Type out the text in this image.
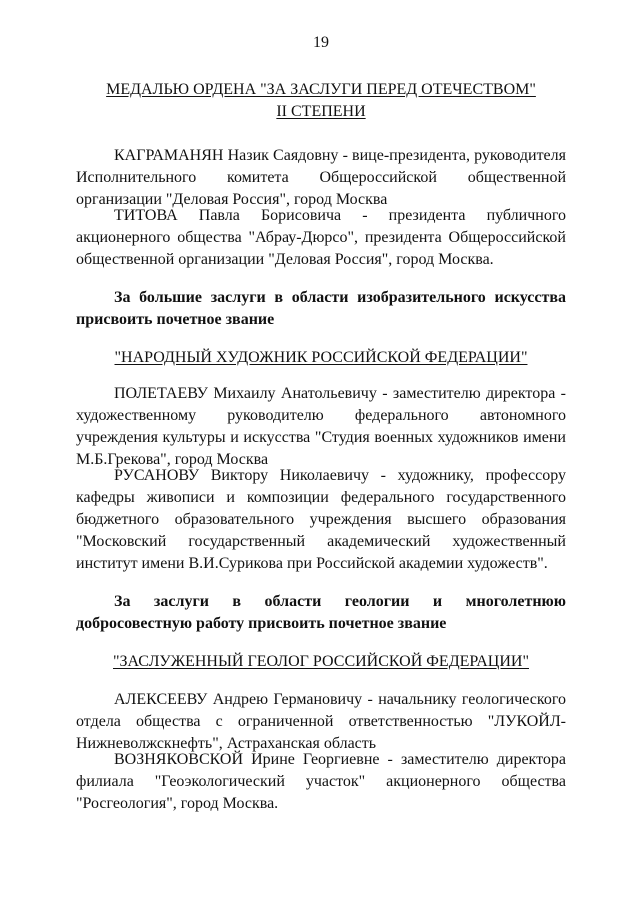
19
МЕДАЛЬЮ ОРДЕНА "ЗА ЗАСЛУГИ ПЕРЕД ОТЕЧЕСТВОМ"
II СТЕПЕНИ
КАГРАМАНЯН Назик Саядовну - вице-президента, руководителя Исполнительного комитета Общероссийской общественной организации "Деловая Россия", город Москва
ТИТОВА Павла Борисовича - президента публичного акционерного общества "Абрау-Дюрсо", президента Общероссийской общественной организации "Деловая Россия", город Москва.
За большие заслуги в области изобразительного искусства присвоить почетное звание
"НАРОДНЫЙ ХУДОЖНИК РОССИЙСКОЙ ФЕДЕРАЦИИ"
ПОЛЕТАЕВУ Михаилу Анатольевичу - заместителю директора - художественному руководителю федерального автономного учреждения культуры и искусства "Студия военных художников имени М.Б.Грекова", город Москва
РУСАНОВУ Виктору Николаевичу - художнику, профессору кафедры живописи и композиции федерального государственного бюджетного образовательного учреждения высшего образования "Московский государственный академический художественный институт имени В.И.Сурикова при Российской академии художеств".
За заслуги в области геологии и многолетнюю добросовестную работу присвоить почетное звание
"ЗАСЛУЖЕННЫЙ ГЕОЛОГ РОССИЙСКОЙ ФЕДЕРАЦИИ"
АЛЕКСЕЕВУ Андрею Германовичу - начальнику геологического отдела общества с ограниченной ответственностью "ЛУКОЙЛ-Нижневолжскнефть", Астраханская область
ВОЗНЯКОВСКОЙ Ирине Георгиевне - заместителю директора филиала "Геоэкологический участок" акционерного общества "Росгеология", город Москва.
